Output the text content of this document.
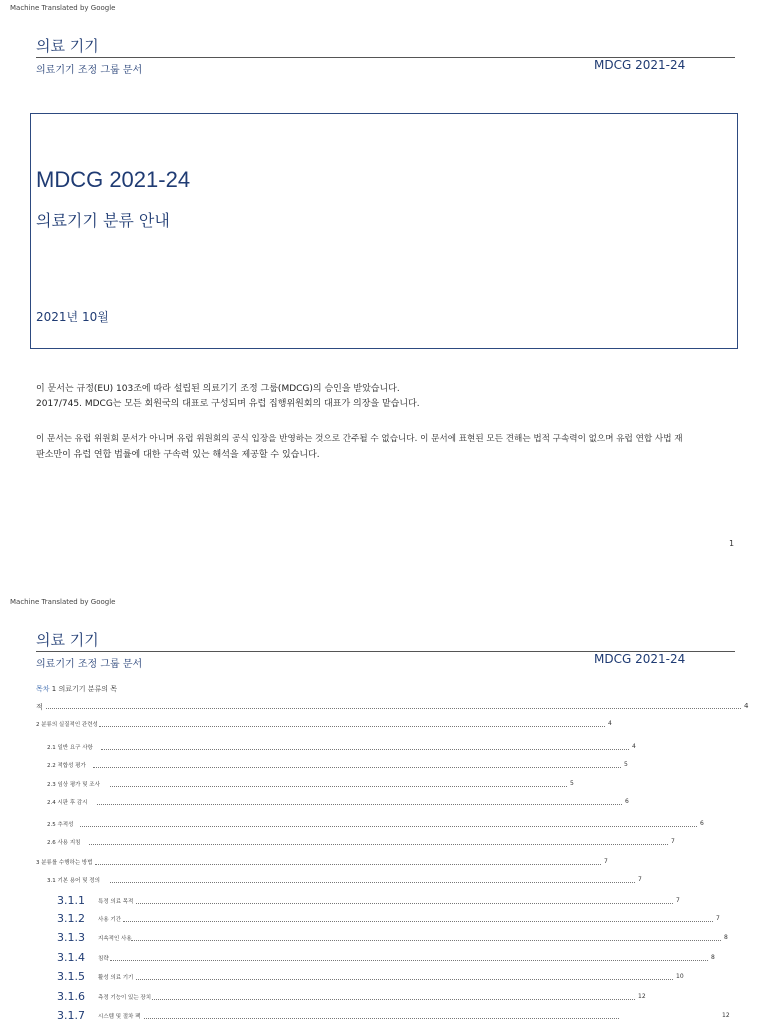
Machine Translated by Google
의료 기기
의료기기 조정 그룹 문서	MDCG 2021-24
MDCG 2021-24
의료기기 분류 안내
2021년 10월
이 문서는 규정(EU) 103조에 따라 설립된 의료기기 조정 그룹(MDCG)의 승인을 받았습니다.
2017/745. MDCG는 모든 회원국의 대표로 구성되며 유럽 집행위원회의 대표가 의장을 맡습니다.
이 문서는 유럽 위원회 문서가 아니며 유럽 위원회의 공식 입장을 반영하는 것으로 간주될 수 없습니다. 이 문서에 표현된 모든 견해는 법적 구속력이 없으며 유럽 연합 사법 재
판소만이 유럽 연합 법률에 대한 구속력 있는 해석을 제공할 수 있습니다.
1
Machine Translated by Google
의료 기기
의료기기 조정 그룹 문서	MDCG 2021-24
목차 1 의료기기 분류의 목
적	4
2 분류의 실질적인 관련성	4
2.1 일반 요구 사항	4
2.2 적합성 평가	5
2.3 임상 평가 및 조사	5
2.4 시판 후 감시	6
2.5 추적성	6
2.6 사용 지침	7
3 분류를 수행하는 방법	7
3.1 기본 용어 및 정의	7
3.1.1 특정 의료 목적	7
3.1.2 사용 기간	7
3.1.3 지속적인 사용	8
3.1.4 침략	8
3.1.5 활성 의료 기기	10
3.1.6 측정 기능이 있는 장치	12
3.1.7 시스템 및 절차 팩	12
